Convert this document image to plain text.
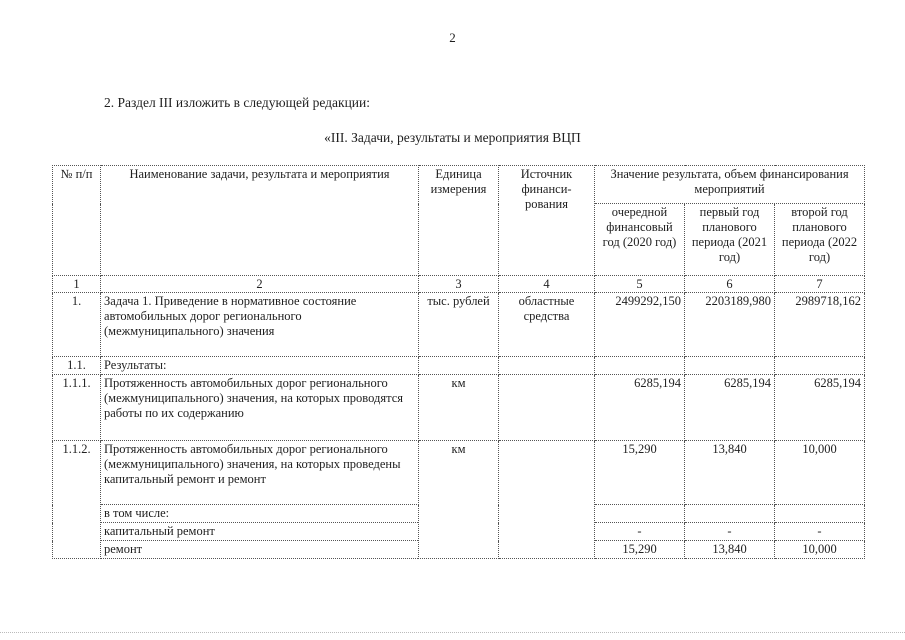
2
2. Раздел III изложить в следующей редакции:
«III. Задачи, результаты и мероприятия ВЦП
№ п/п	Наименование задачи, результата и мероприятия	Единица измерения	Источник финанси- рования	Значение результата, объем финансирования мероприятий		
				очередной финансовый год (2020 год)	первый год планового периода (2021 год)	второй год планового периода (2022 год)
1	2	3	4	5	6	7
1.	Задача 1. Приведение в нормативное состояние автомобильных дорог регионального (межмуниципального) значения	тыс. рублей	областные средства	2499292,150	2203189,980	2989718,162
1.1.	Результаты:					
1.1.1.	Протяженность автомобильных дорог регионального (межмуниципального) значения, на которых проводятся работы по их содержанию	км		6285,194	6285,194	6285,194
1.1.2.	Протяженность автомобильных дорог регионального (межмуниципального) значения, на которых проведены капитальный ремонт и ремонт	км		15,290	13,840	10,000
	в том числе:					
	капитальный ремонт			-	-	-
	ремонт			15,290	13,840	10,000
